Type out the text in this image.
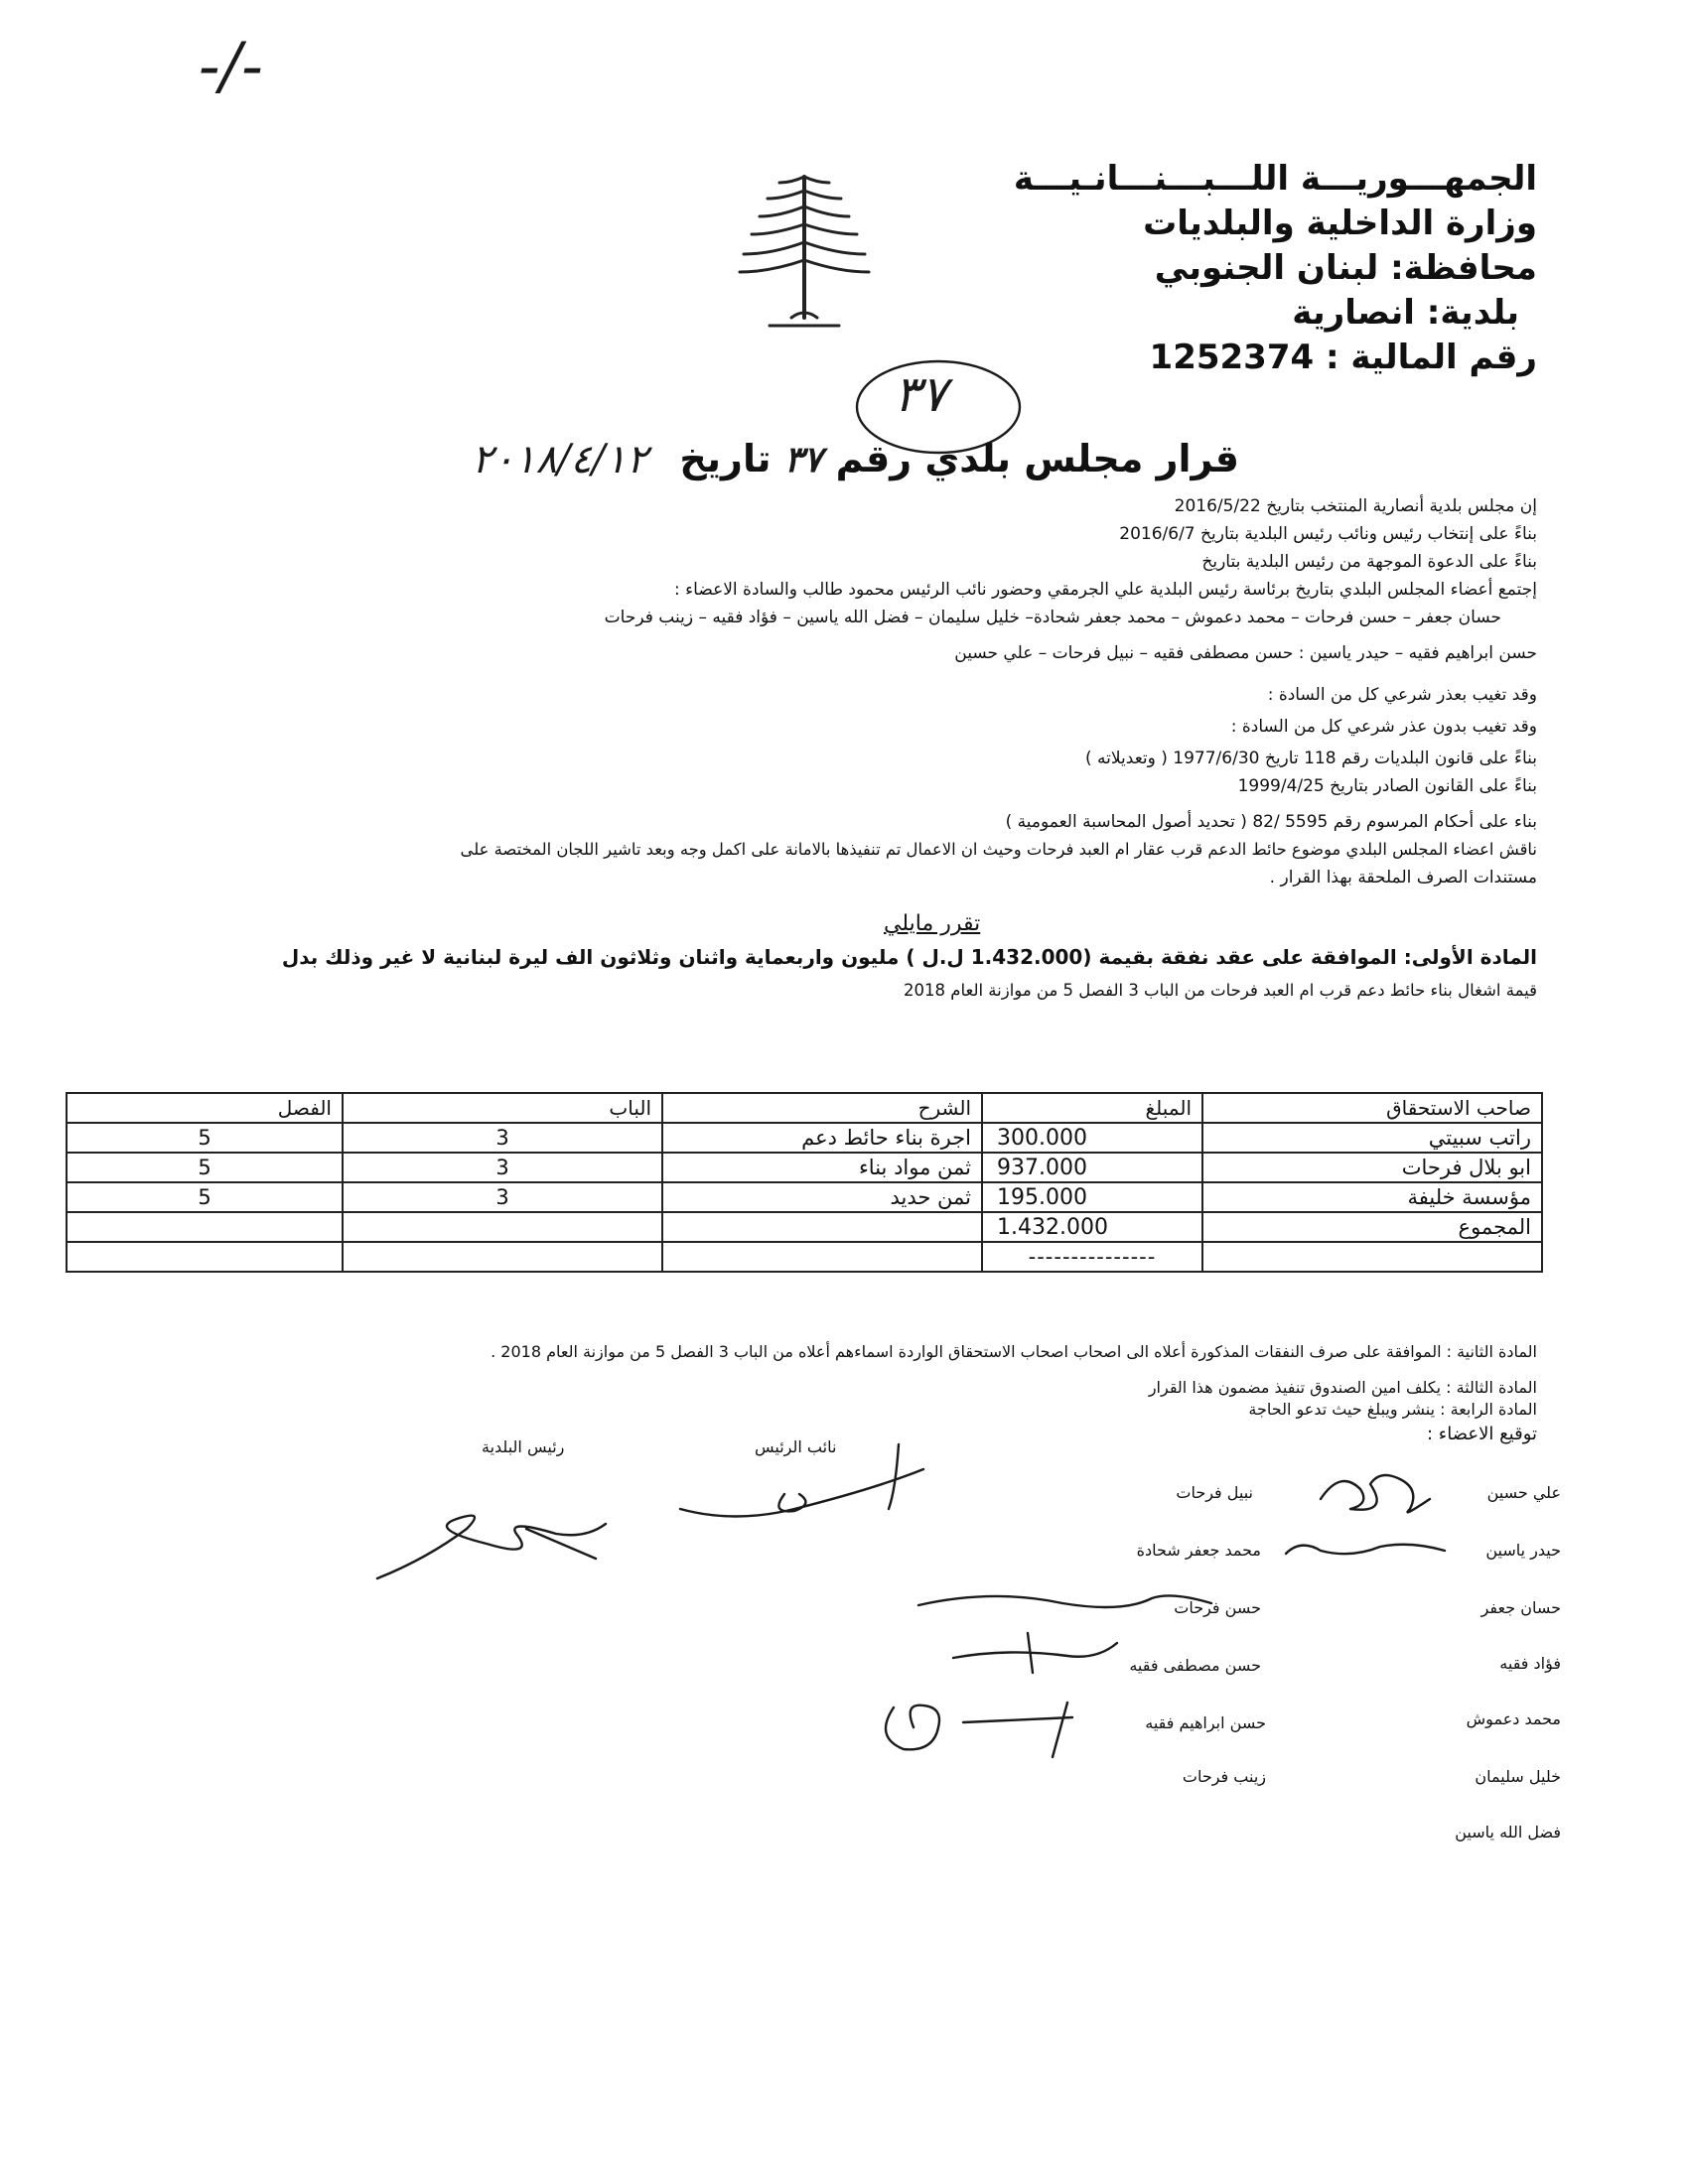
-/-
الجمهـــوريـــة اللـــبـــنـــانـيـــة
وزارة الداخلية والبلديات
محافظة: لبنان الجنوبي
بلدية: انصارية
رقم المالية : 1252374
٣٧
قرار مجلس بلدي رقم ٣٧ تاريخ
٢٠١٨/٤/١٢
إن مجلس بلدية أنصارية المنتخب بتاريخ 2016/5/22
بناءً على إنتخاب رئيس ونائب رئيس البلدية بتاريخ 2016/6/7
بناءً على الدعوة الموجهة من رئيس البلدية بتاريخ
إجتمع أعضاء المجلس البلدي بتاريخ برئاسة رئيس البلدية علي الجرمقي وحضور نائب الرئيس محمود طالب والسادة الاعضاء :
حسان جعفر – حسن فرحات – محمد دعموش – محمد جعفر شحادة– خليل سليمان – فضل الله ياسين – فؤاد فقيه – زينب فرحات
حسن ابراهيم فقيه – حيدر ياسين : حسن مصطفى فقيه – نبيل فرحات – علي حسين
وقد تغيب بعذر شرعي كل من السادة :
وقد تغيب بدون عذر شرعي كل من السادة :
بناءً على قانون البلديات رقم 118 تاريخ 1977/6/30 ( وتعديلاته )
بناءً على القانون الصادر بتاريخ 1999/4/25
بناء على أحكام المرسوم رقم 5595 /82 ( تحديد أصول المحاسبة العمومية )
ناقش اعضاء المجلس البلدي موضوع حائط الدعم قرب عقار ام العبد فرحات وحيث ان الاعمال تم تنفيذها بالامانة على اكمل وجه وبعد تاشير اللجان المختصة على
مستندات الصرف الملحقة بهذا القرار .
تقرر مايلي
المادة الأولى: الموافقة على عقد نفقة بقيمة (1.432.000 ل.ل ) مليون واربعماية واثنان وثلاثون الف ليرة لبنانية لا غير وذلك بدل
قيمة اشغال بناء حائط دعم قرب ام العبد فرحات من الباب 3 الفصل 5 من موازنة العام 2018
صاحب الاستحقاق	المبلغ	الشرح	الباب	الفصل
راتب سبيتي	300.000	اجرة بناء حائط دعم	3	5
ابو بلال فرحات	937.000	ثمن مواد بناء	3	5
مؤسسة خليفة	195.000	ثمن حديد	3	5
المجموع	1.432.000			
	---------------			
المادة الثانية : الموافقة على صرف النفقات المذكورة أعلاه الى اصحاب اصحاب الاستحقاق الواردة اسماءهم أعلاه من الباب 3 الفصل 5 من موازنة العام 2018 .
المادة الثالثة : يكلف امين الصندوق تنفيذ مضمون هذا القرار
المادة الرابعة : ينشر ويبلغ حيث تدعو الحاجة
توقيع الاعضاء :
رئيس البلدية	نائب الرئيس
علي حسين
حيدر ياسين
حسان جعفر
فؤاد فقيه
محمد دعموش
خليل سليمان
فضل الله ياسين
نبيل فرحات
محمد جعفر شحادة
حسن فرحات
حسن مصطفى فقيه
حسن ابراهيم فقيه
زينب فرحات
